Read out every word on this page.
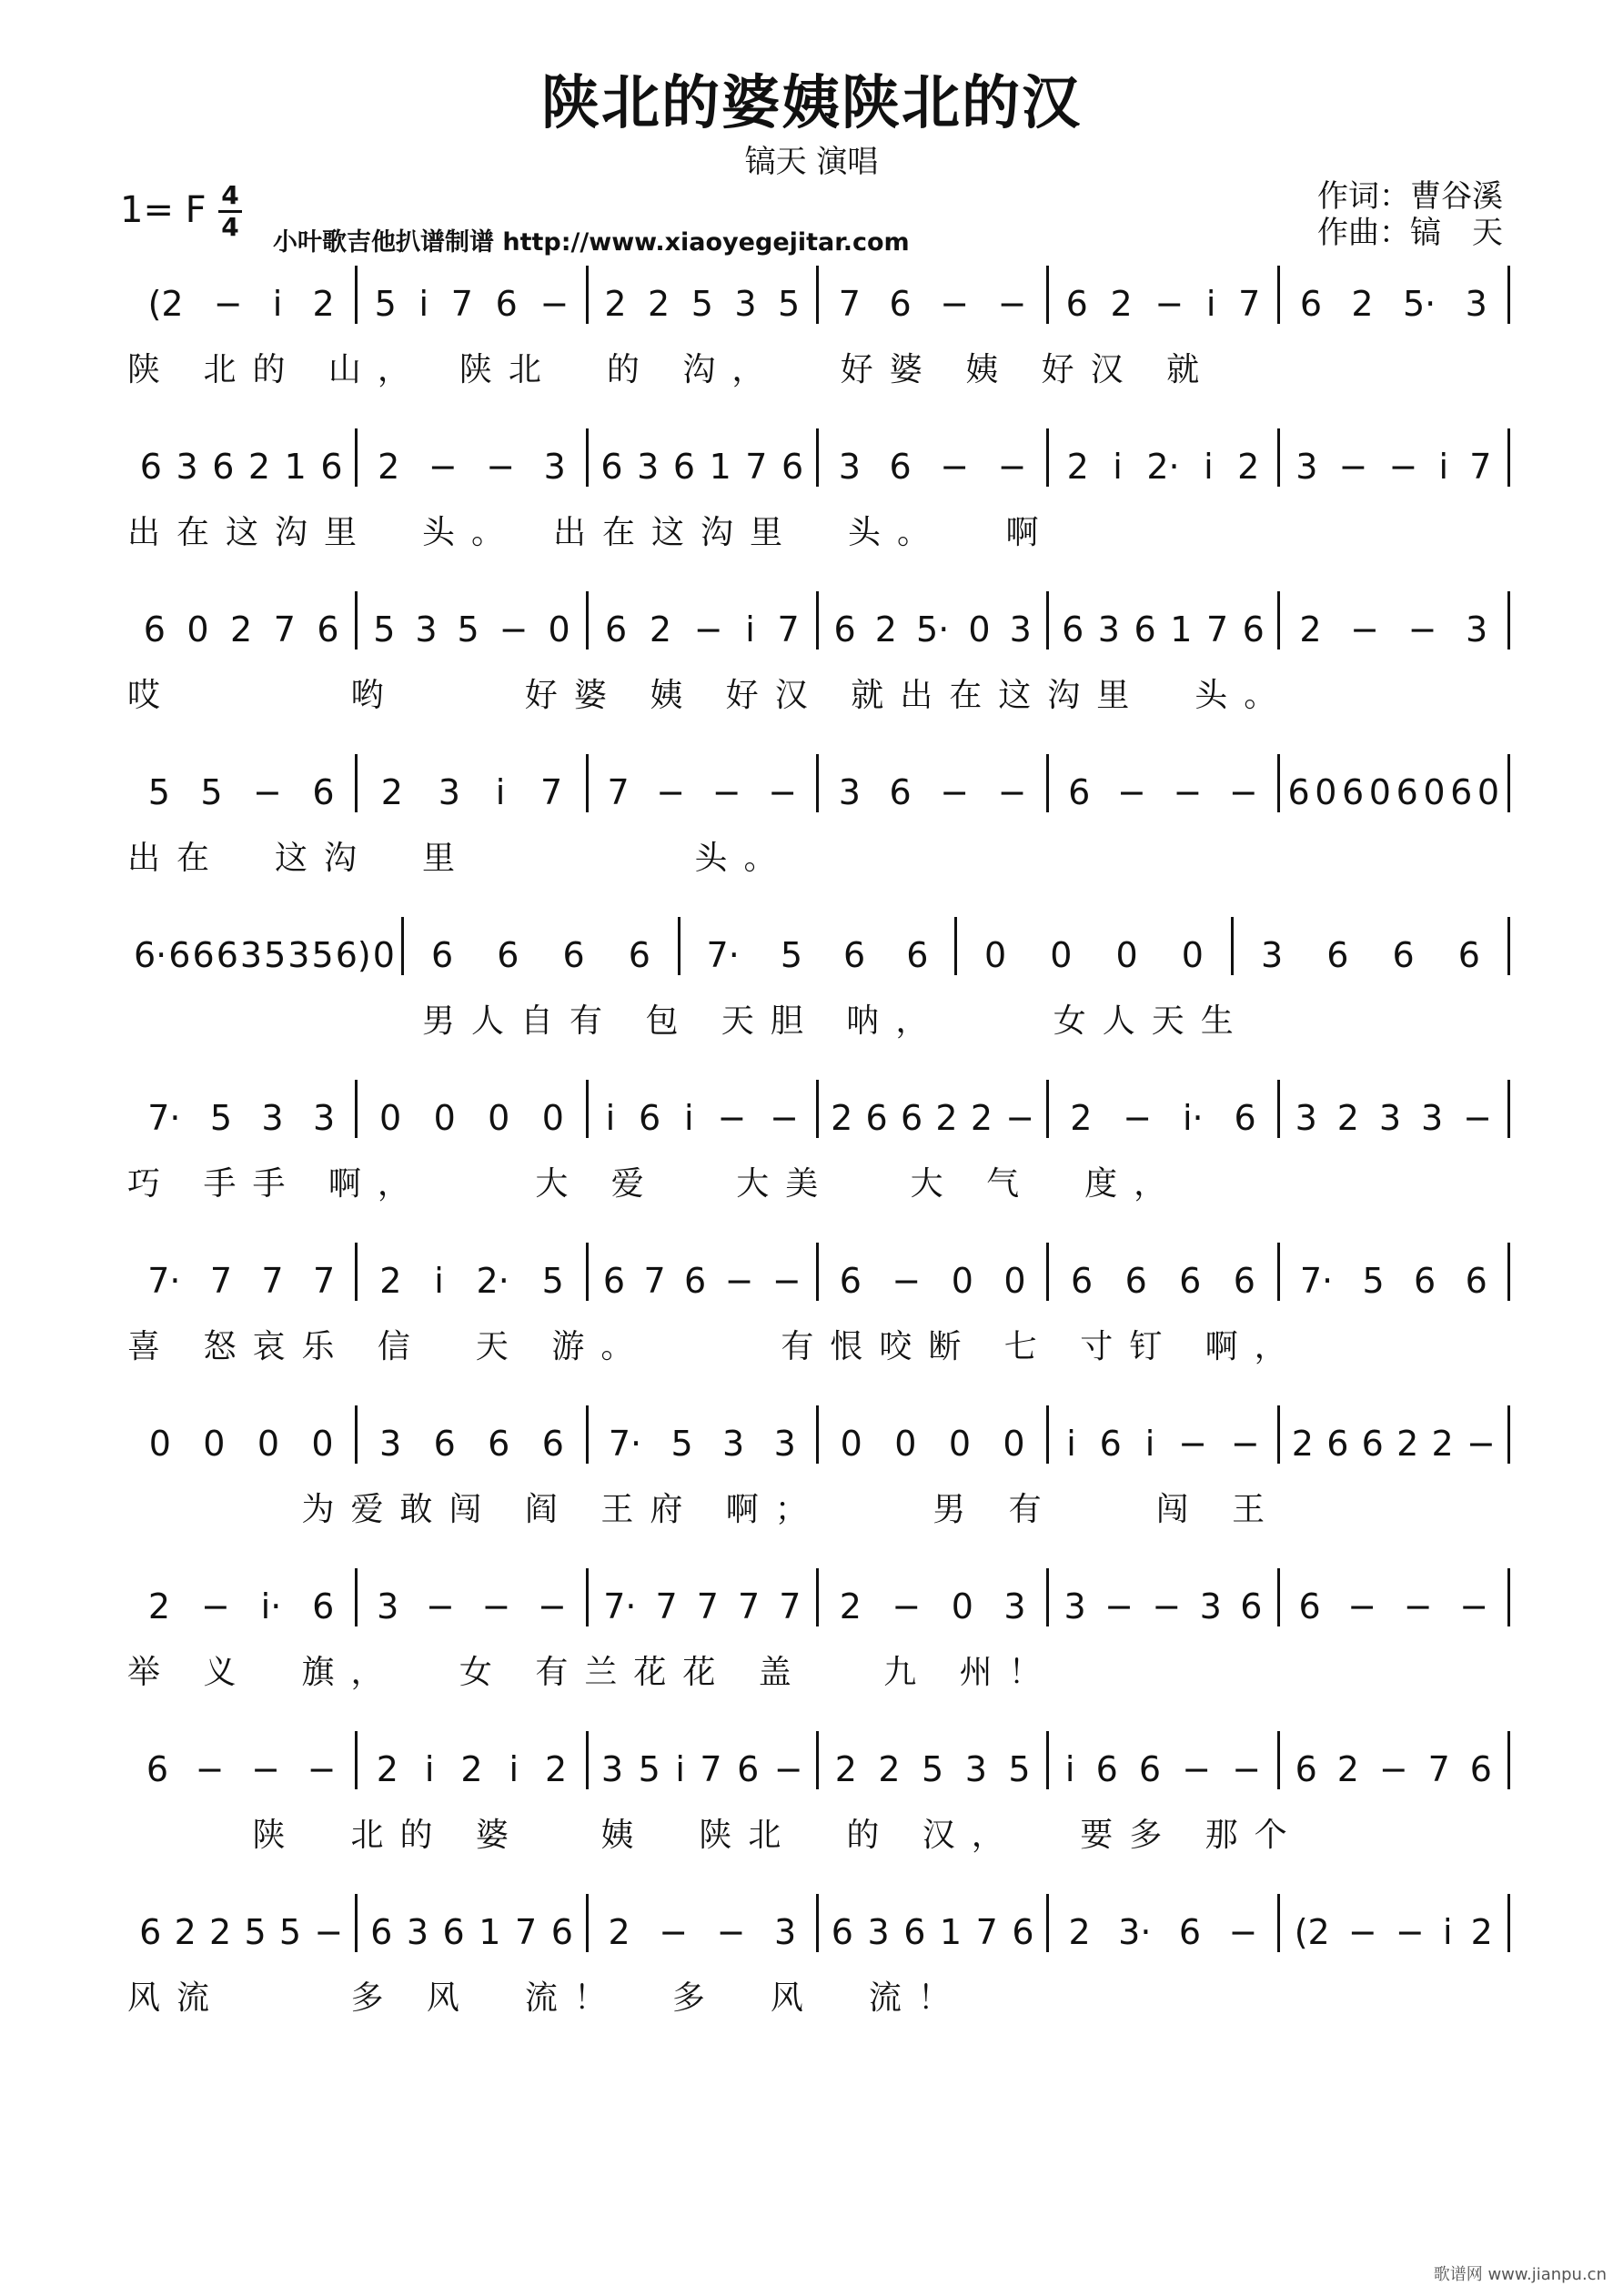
陕北的婆姨陕北的汉
镐天 演唱
作词：曹谷溪
作曲：镐　天
1= F 4
4
小叶歌吉他扒谱制谱 http://www.xiaoyegejitar.com
(2 − i 2 5 i 7 6 − 2 2 5 3 5 7 6 − − 6 2 − i 7 6 2 5· 3
陕 北的 山，　陕北　的 沟，　 好婆 姨 好汉 就
6 3 6 2 1 6 2 − − 3 6 3 6 1 7 6 3 6 − − 2 i 2· i 2 3 − − i 7
出在这沟里　头。　出在这沟里　头。　 啊
6 0 2 7 6 5 3 5 − 0 6 2 − i 7 6 2 5· 0 3 6 3 6 1 7 6 2 − − 3
哎　　　 哟　　 好婆 姨 好汉 就出在这沟里　头。
5 5 − 6 2 3 i 7 7 − − − 3 6 − − 6 − − − 6 0 6 0 6 0 6 0
出在　这沟　里　　　　 头。
6· 6 6 6 3 5 3 5 6) 0 6 6 6 6 7· 5 6 6 0 0 0 0 3 6 6 6
　　　　　　男人自有 包 天胆 呐，　　 女人天生
7· 5 3 3 0 0 0 0 i 6 i − − 2 6 6 2 2 − 2 − i· 6 3 2 3 3 −
巧 手手 啊，　　 大 爱　 大美　 大 气　度，
7· 7 7 7 2 i 2· 5 6 7 6 − − 6 − 0 0 6 6 6 6 7· 5 6 6
喜 怒哀乐 信　天 游。　　　有恨咬断 七 寸钉 啊，
0 0 0 0 3 6 6 6 7· 5 3 3 0 0 0 0 i 6 i − − 2 6 6 2 2 −
　　　 为爱敢闯 阎 王府 啊；　　 男 有　　闯 王
2 − i· 6 3 − − − 7· 7 7 7 7 2 − 0 3 3 − − 3 6 6 − − −
举 义　旗，　 女 有兰花花 盖　 九 州！
6 − − − 2 i 2 i 2 3 5 i 7 6 − 2 2 5 3 5 i 6 6 − − 6 2 − 7 6
　　 陕　北的 婆　 姨　陕北　的 汉，　 要多 那个
6 2 2 5 5 − 6 3 6 1 7 6 2 − − 3 6 3 6 1 7 6 2 3· 6 − (2 − − i 2
风流　　 多 风　流！　多　风　流！
歌谱网 www.jianpu.cn
